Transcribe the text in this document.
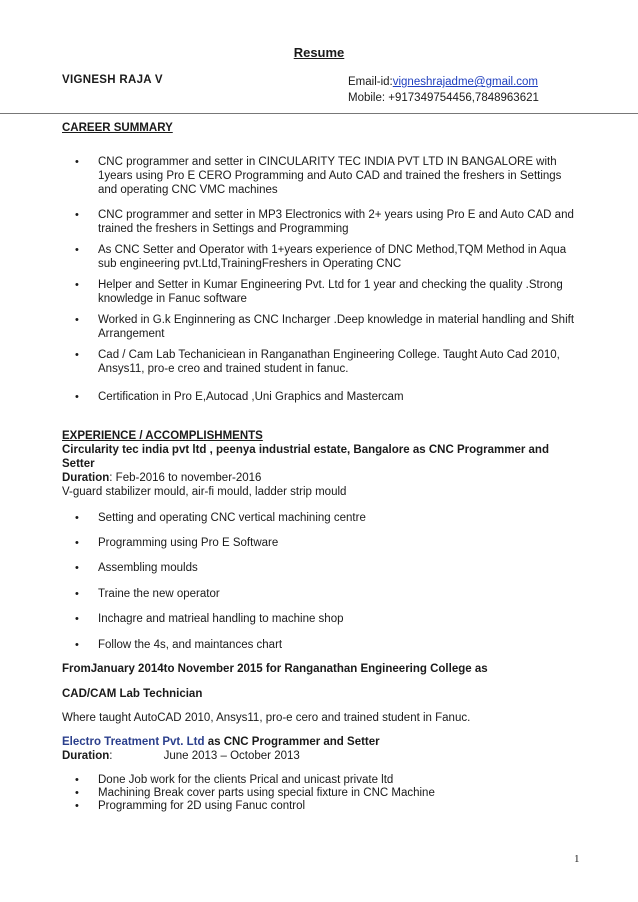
Resume
VIGNESH RAJA V	Email-id:vigneshrajadme@gmail.com
Mobile: +917349754456,7848963621
CAREER SUMMARY
• CNC programmer and setter in CINCULARITY TEC INDIA PVT LTD IN BANGALORE with 1years using Pro E CERO Programming and Auto CAD and trained the freshers in Settings and operating CNC VMC machines
• CNC programmer and setter in MP3 Electronics with 2+ years using Pro E and Auto CAD and trained the freshers in Settings and Programming
• As CNC Setter and Operator with 1+years experience of DNC Method,TQM Method in Aqua sub engineering pvt.Ltd,TrainingFreshers in Operating CNC
• Helper and Setter in Kumar Engineering Pvt. Ltd for 1 year and checking the quality .Strong knowledge in Fanuc software
• Worked in G.k Enginnering as CNC Incharger .Deep knowledge in material handling and Shift Arrangement
• Cad / Cam Lab Techaniciean in Ranganathan Engineering College. Taught Auto Cad 2010, Ansys11, pro-e creo and trained student in fanuc.
• Certification in Pro E,Autocad ,Uni Graphics and Mastercam
EXPERIENCE / ACCOMPLISHMENTS
Circularity tec india pvt ltd , peenya industrial estate, Bangalore as CNC Programmer and Setter
Duration: Feb-2016 to november-2016
V-guard stabilizer mould, air-fi mould, ladder strip mould
• Setting and operating CNC vertical machining centre
• Programming using Pro E Software
• Assembling moulds
• Traine the new operator
• Inchagre and matrieal handling to machine shop
• Follow the 4s, and maintances chart
FromJanuary 2014to November 2015 for Ranganathan Engineering College as
CAD/CAM Lab Technician
Where taught AutoCAD 2010, Ansys11, pro-e cero and trained student in Fanuc.
Electro Treatment Pvt. Ltd as CNC Programmer and Setter
Duration:                June 2013 – October 2013
• Done Job work for the clients Prical and unicast private ltd
• Machining Break cover parts using special fixture in CNC Machine
• Programming for 2D using Fanuc control
1
